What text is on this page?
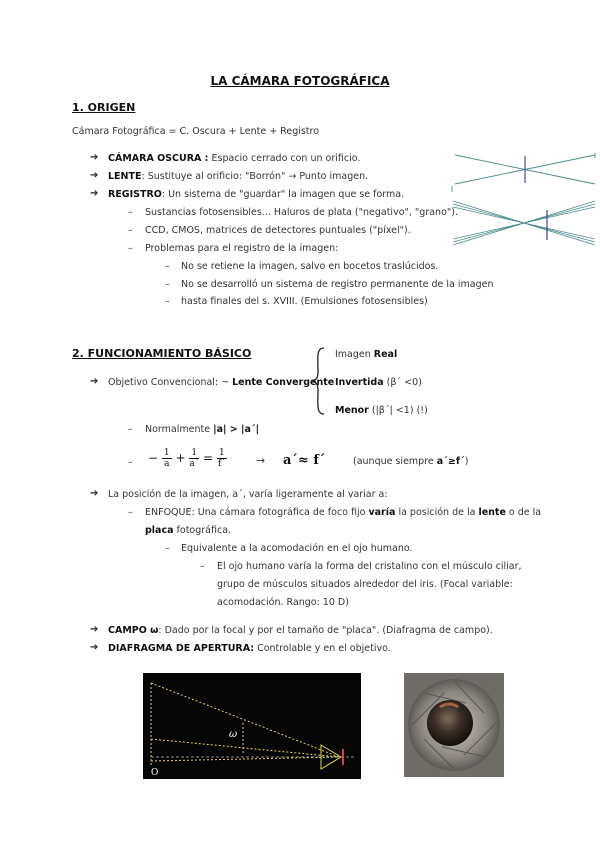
LA CÁMARA FOTOGRÁFICA
1. ORIGEN
Cámara Fotográfica = C. Oscura + Lente + Registro
➔ CÁMARA OSCURA : Espacio cerrado con un orificio.
➔ LENTE: Sustituye al orificio: "Borrón" → Punto imagen.
➔ REGISTRO: Un sistema de "guardar" la imagen que se forma.
– Sustancias fotosensibles... Haluros de plata ("negativo", "grano").
– CCD, CMOS, matrices de detectores puntuales ("píxel").
– Problemas para el registro de la imagen:
– No se retiene la imagen, salvo en bocetos traslúcidos.
– No se desarrolló un sistema de registro permanente de la imagen
– hasta finales del s. XVIII. (Emulsiones fotosensibles)
2. FUNCIONAMIENTO BÁSICO
➔ Objetivo Convencional: ~ Lente Convergente
Imagen Real
Invertida (β´ <0)
Menor (|β´| <1) (!)
– Normalmente |a| > |a´|
– − $\frac{1}{a} + \frac{1}{a´} = \frac{1}{f´}$	→ a´≈ f´	(aunque siempre a´≥f´)
➔ La posición de la imagen, a´, varía ligeramente al variar a:
– ENFOQUE: Una cámara fotográfica de foco fijo varía la posición de la lente o de la
placa fotográfica.
– Equivalente a la acomodación en el ojo humano.
– El ojo humano varía la forma del cristalino con el músculo ciliar,
grupo de músculos situados alrededor del iris. (Focal variable:
acomodación. Rango: 10 D)
➔ CAMPO ω: Dado por la focal y por el tamaño de "placa". (Diafragma de campo).
➔ DIAFRAGMA DE APERTURA: Controlable y en el objetivo.
ω
O
